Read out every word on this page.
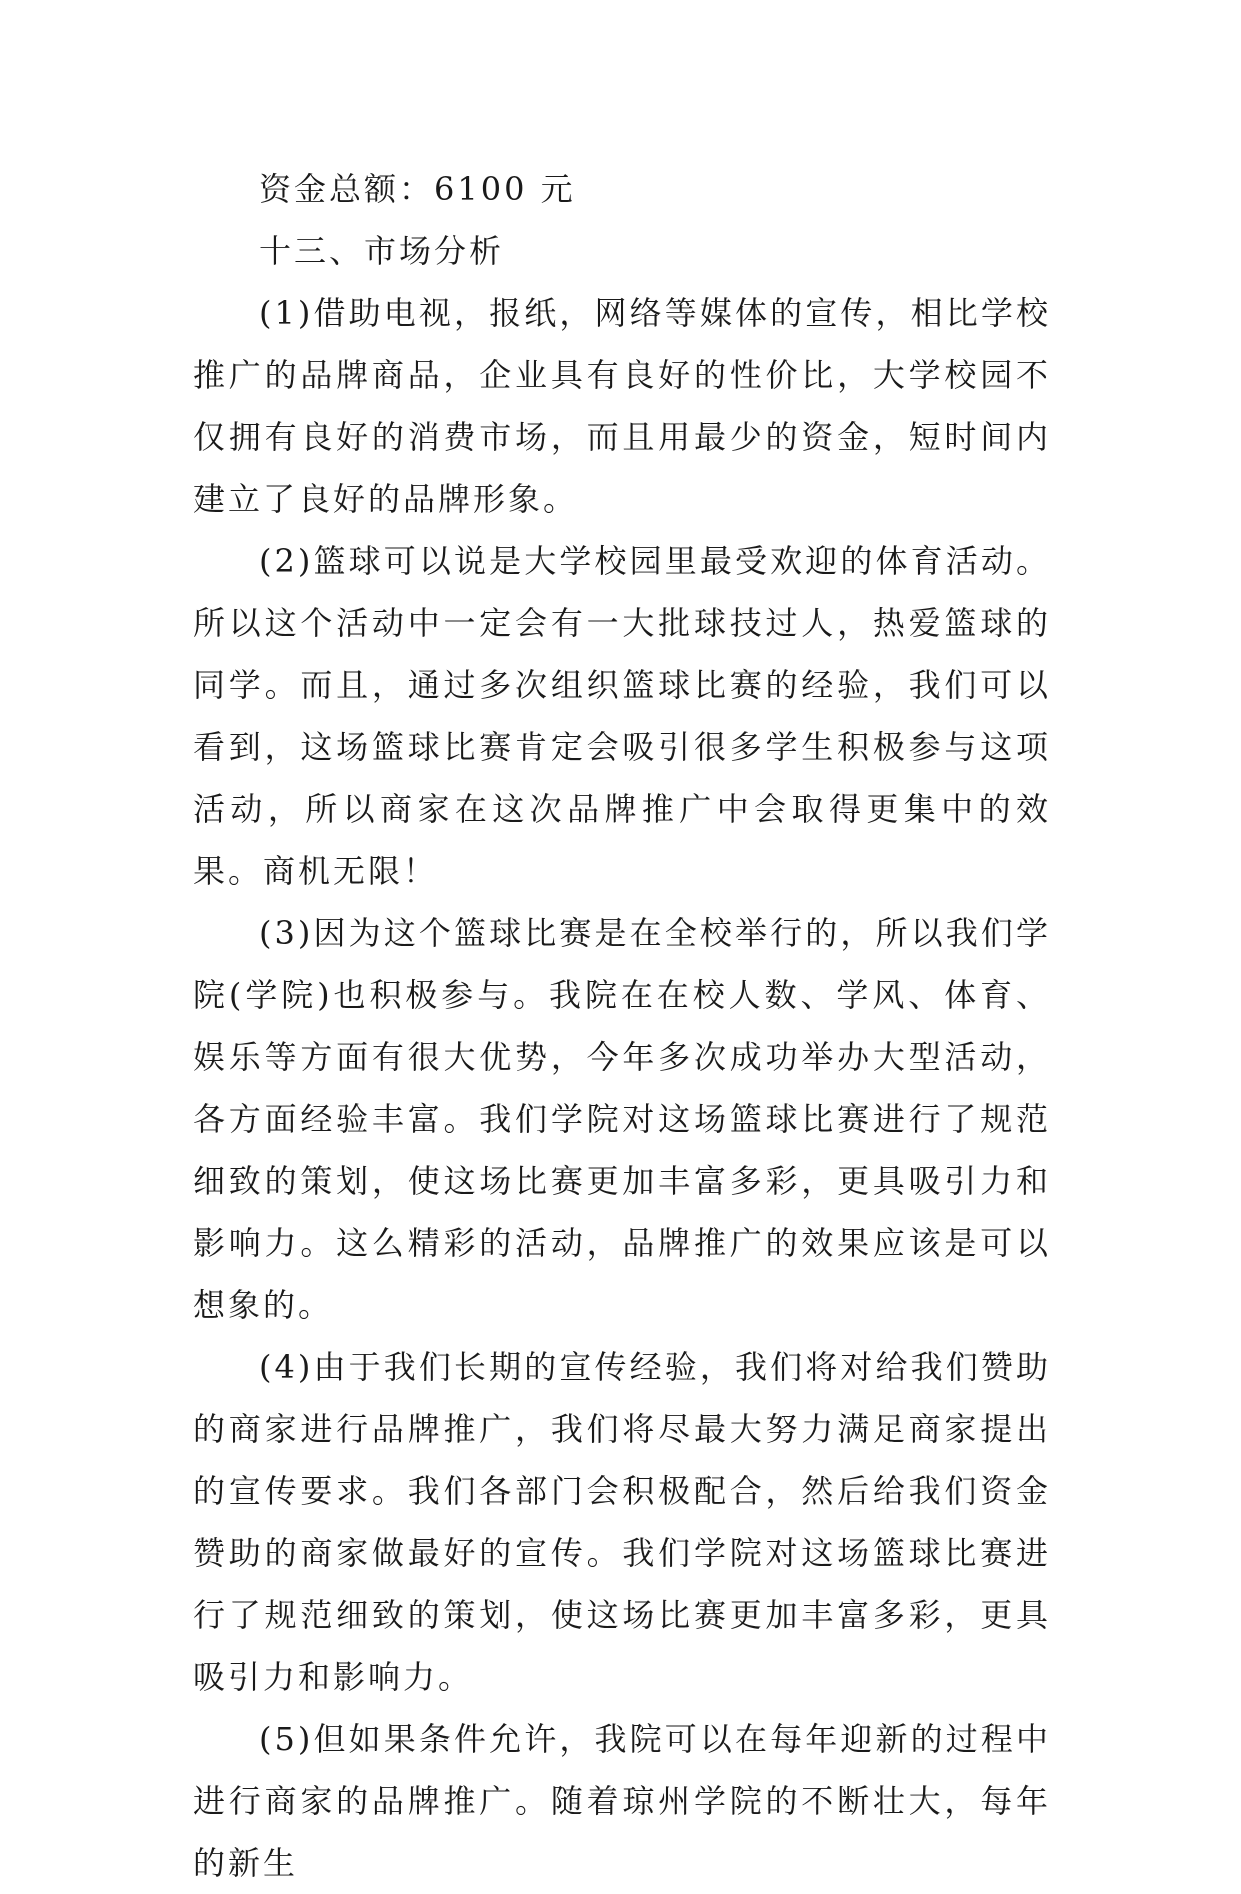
资金总额：6100 元

十三、市场分析

(1)借助电视，报纸，网络等媒体的宣传，相比学校推广的品牌商品，企业具有良好的性价比，大学校园不仅拥有良好的消费市场，而且用最少的资金，短时间内建立了良好的品牌形象。

(2)篮球可以说是大学校园里最受欢迎的体育活动。所以这个活动中一定会有一大批球技过人，热爱篮球的同学。而且，通过多次组织篮球比赛的经验，我们可以看到，这场篮球比赛肯定会吸引很多学生积极参与这项活动，所以商家在这次品牌推广中会取得更集中的效果。商机无限！

(3)因为这个篮球比赛是在全校举行的，所以我们学院(学院)也积极参与。我院在在校人数、学风、体育、娱乐等方面有很大优势，今年多次成功举办大型活动，各方面经验丰富。我们学院对这场篮球比赛进行了规范细致的策划，使这场比赛更加丰富多彩，更具吸引力和影响力。这么精彩的活动，品牌推广的效果应该是可以想象的。

(4)由于我们长期的宣传经验，我们将对给我们赞助的商家进行品牌推广，我们将尽最大努力满足商家提出的宣传要求。我们各部门会积极配合，然后给我们资金赞助的商家做最好的宣传。我们学院对这场篮球比赛进行了规范细致的策划，使这场比赛更加丰富多彩，更具吸引力和影响力。

(5)但如果条件允许，我院可以在每年迎新的过程中进行商家的品牌推广。随着琼州学院的不断壮大，每年的新生
